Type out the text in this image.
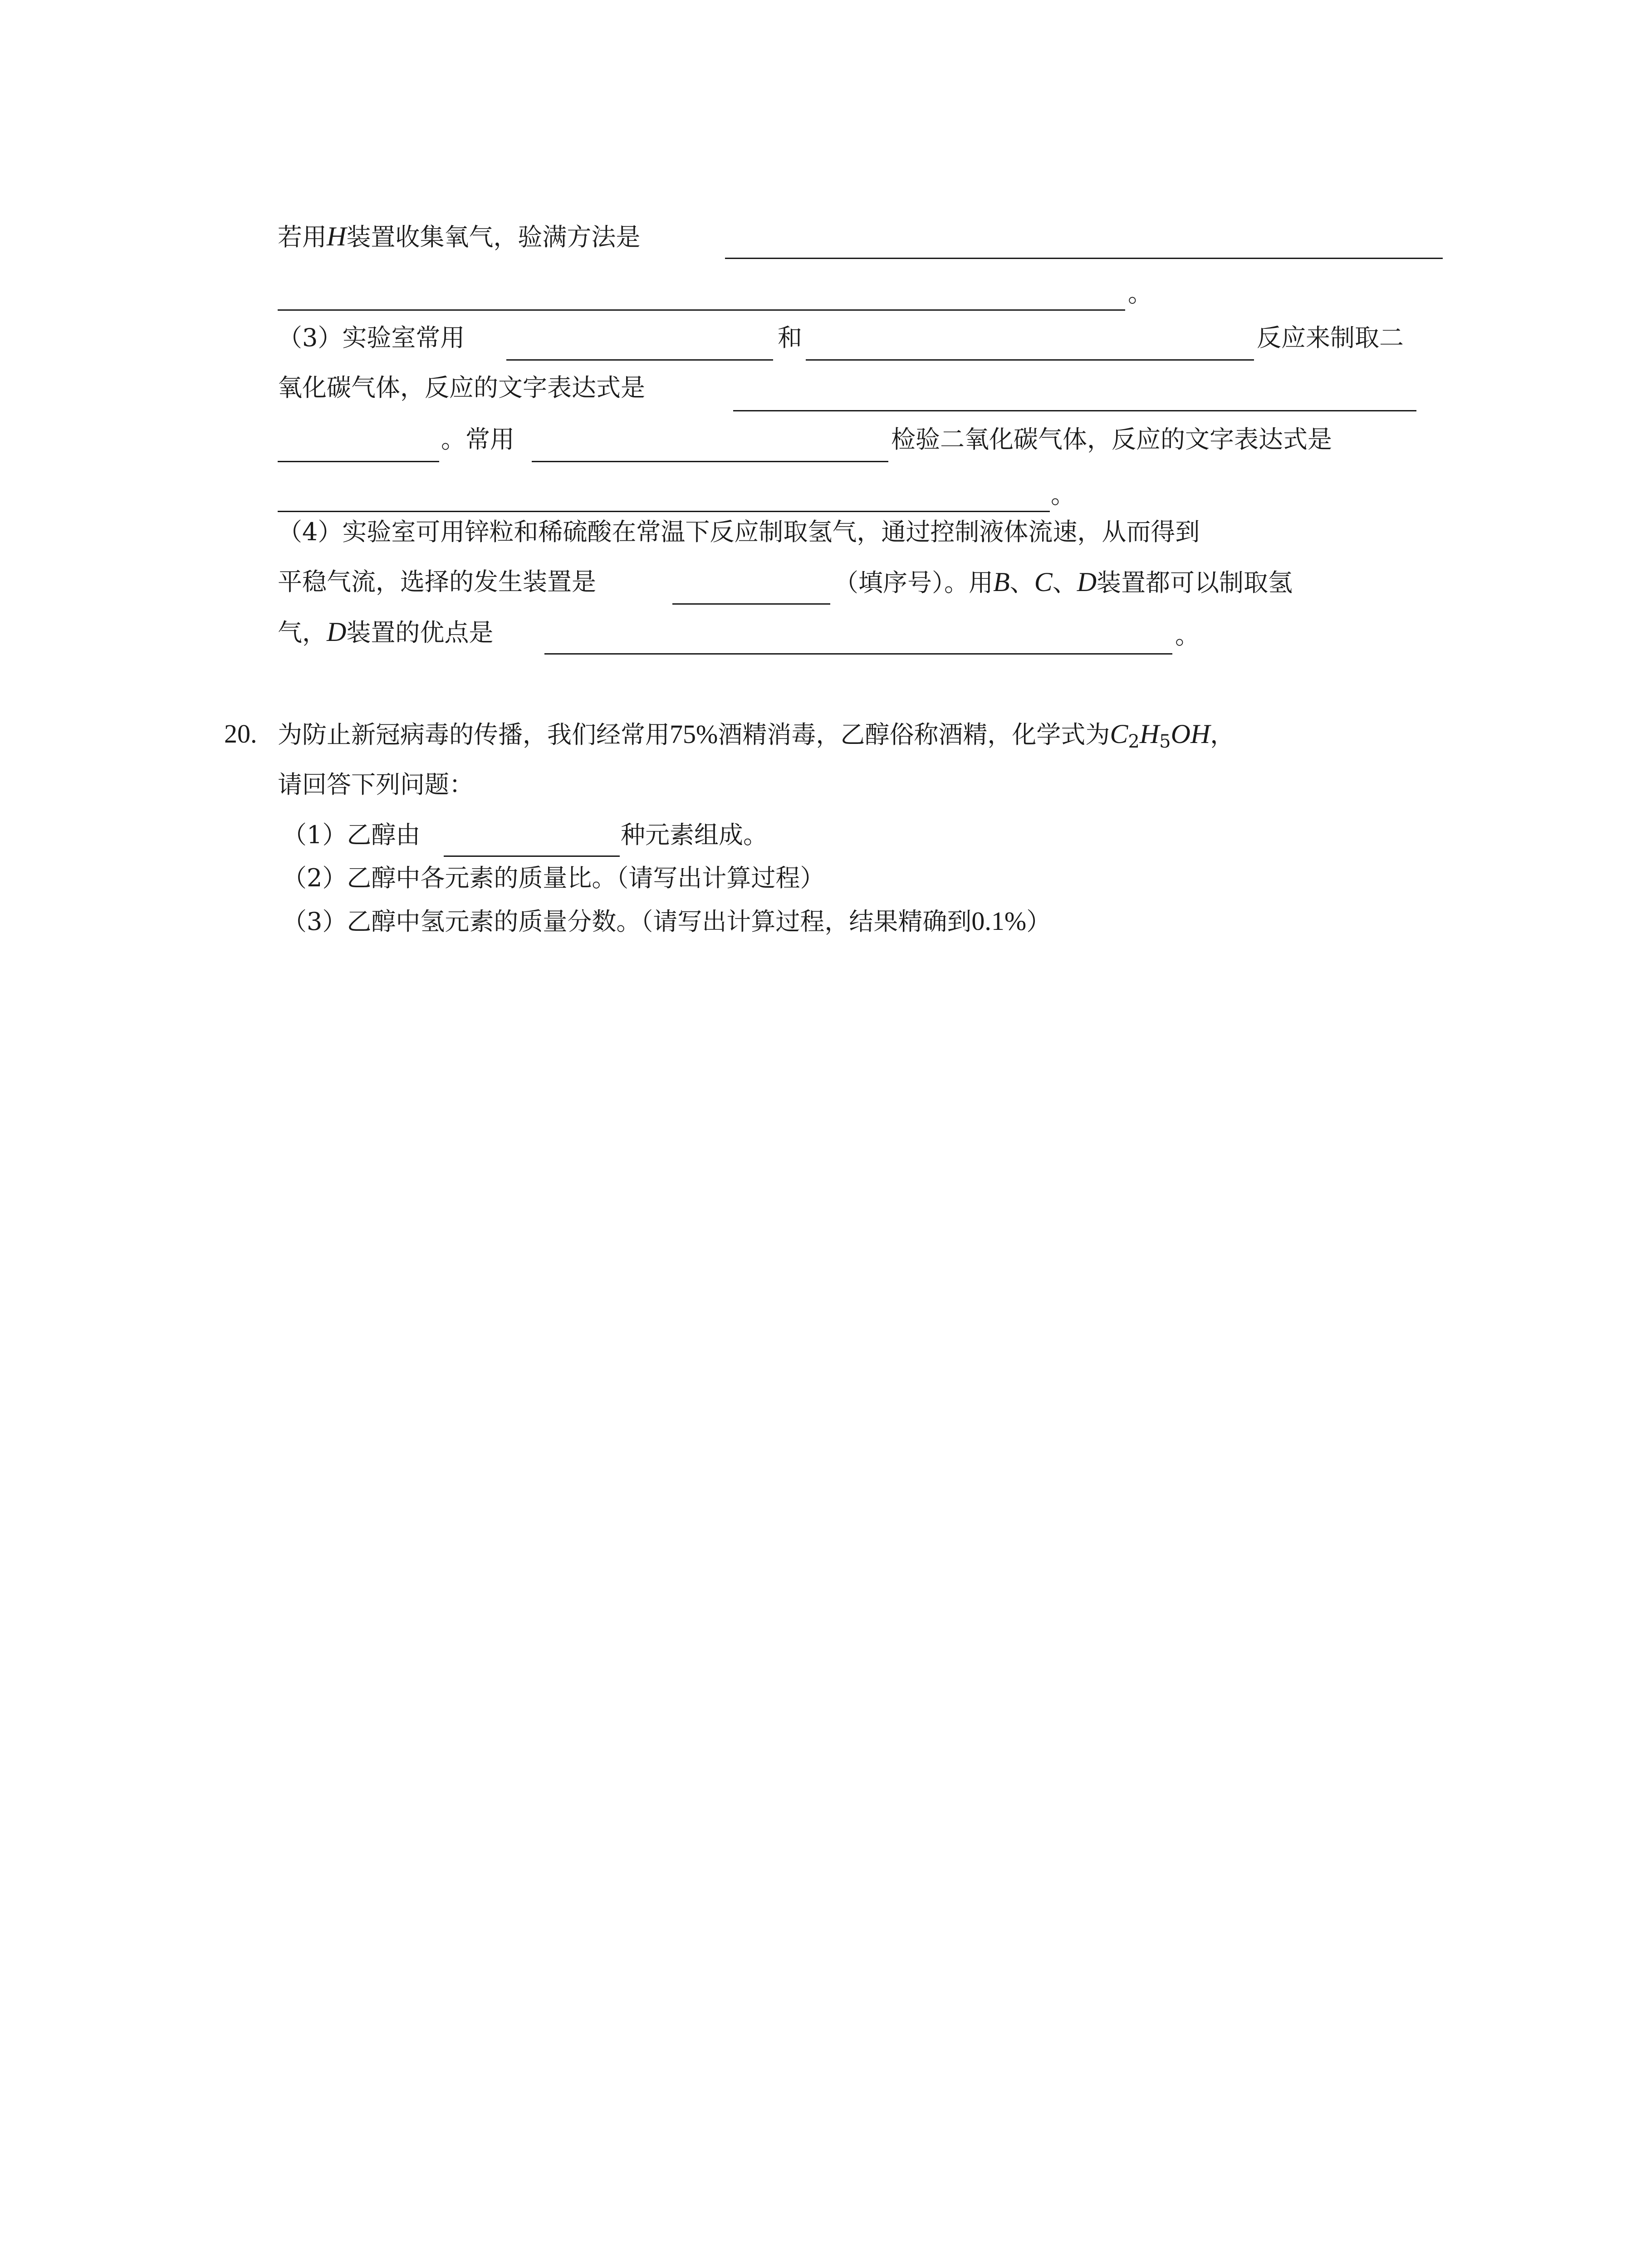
若用H装置收集氧气，验满方法是
。
（3）实验室常用	和	反应来制取二
氧化碳气体，反应的文字表达式是
。常用	检验二氧化碳气体，反应的文字表达式是
。
（4）实验室可用锌粒和稀硫酸在常温下反应制取氢气，通过控制液体流速，从而得到
平稳气流，选择的发生装置是	（填序号）。用B、C、D装置都可以制取氢
气，D装置的优点是	。
20. 为防止新冠病毒的传播，我们经常用75%酒精消毒，乙醇俗称酒精，化学式为$C_2H_5OH$，
请回答下列问题：
（1）乙醇由	种元素组成。
（2）乙醇中各元素的质量比。（请写出计算过程）
（3）乙醇中氢元素的质量分数。（请写出计算过程，结果精确到0.1%）
